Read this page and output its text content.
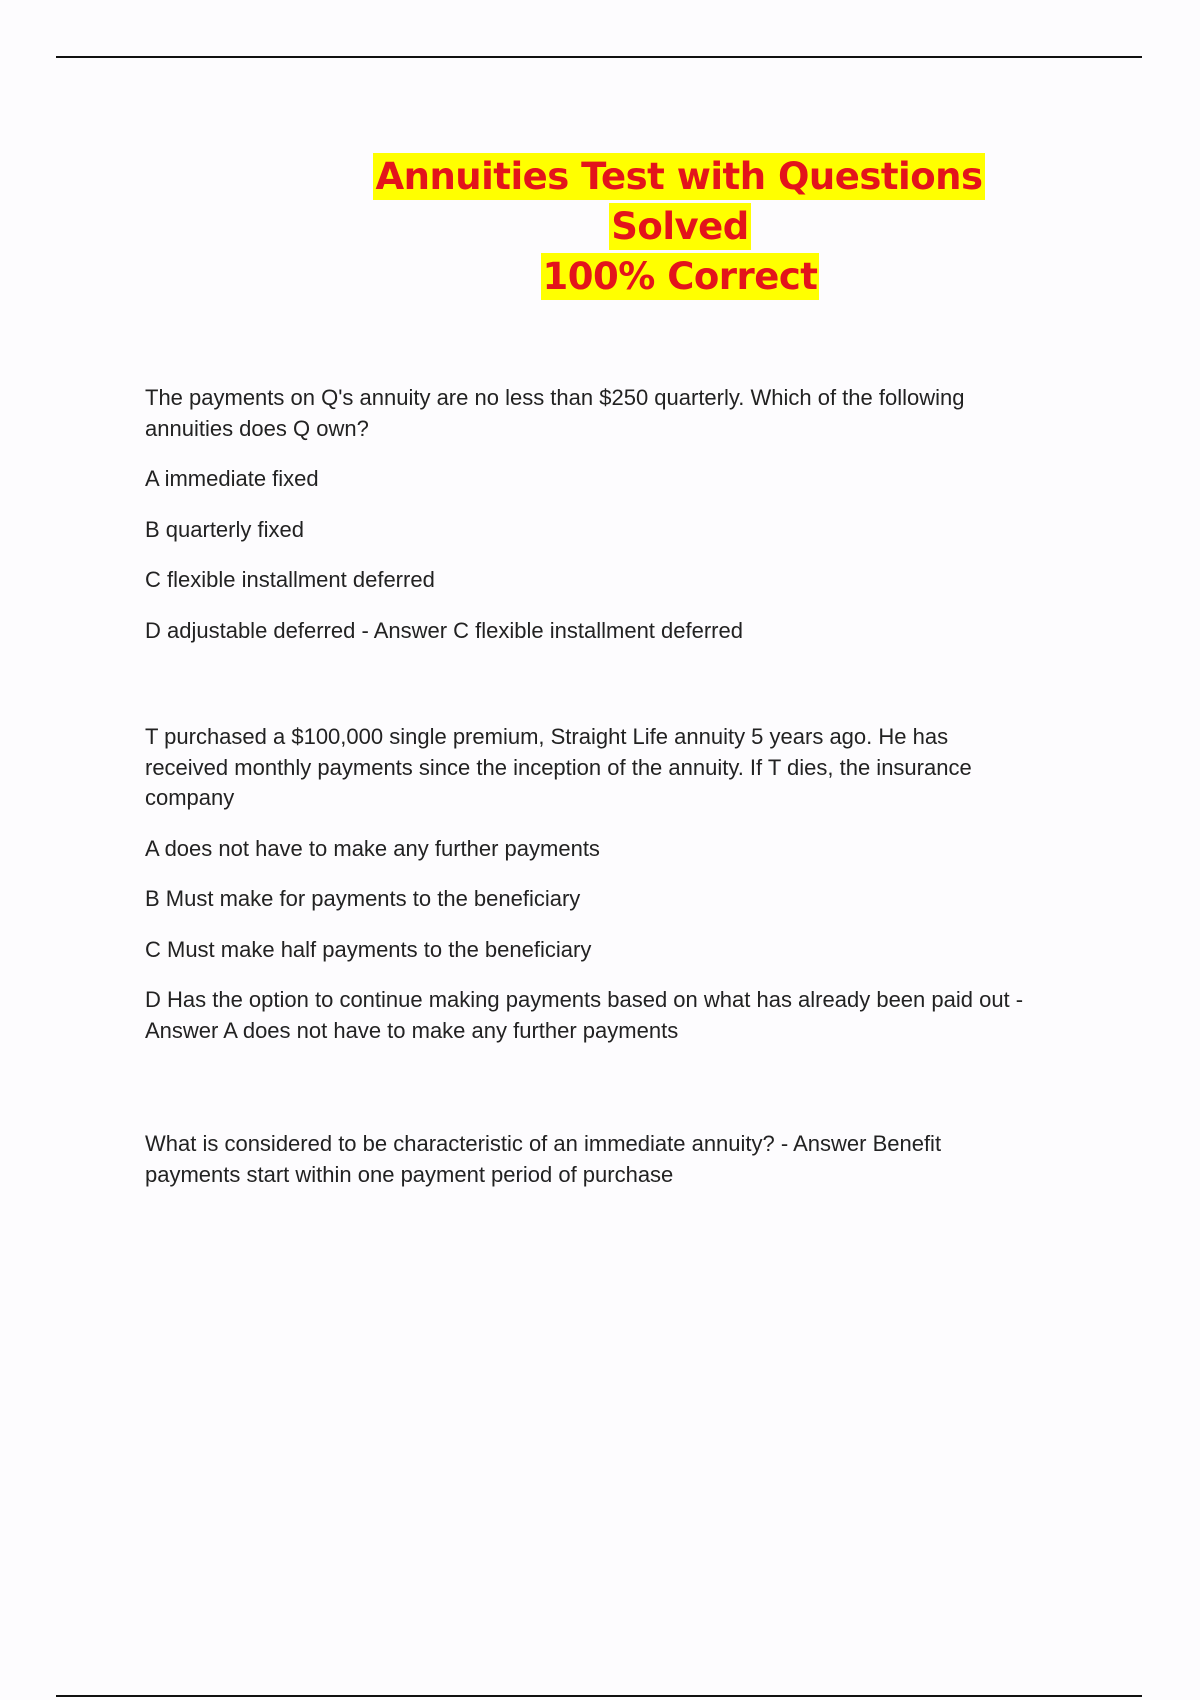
Annuities Test with Questions Solved
100% Correct

The payments on Q's annuity are no less than $250 quarterly. Which of the following annuities does Q own?

A immediate fixed

B quarterly fixed

C flexible installment deferred

D adjustable deferred - Answer C flexible installment deferred

T purchased a $100,000 single premium, Straight Life annuity 5 years ago. He has received monthly payments since the inception of the annuity. If T dies, the insurance company

A does not have to make any further payments

B Must make for payments to the beneficiary

C Must make half payments to the beneficiary

D Has the option to continue making payments based on what has already been paid out - Answer A does not have to make any further payments

What is considered to be characteristic of an immediate annuity? - Answer Benefit payments start within one payment period of purchase
